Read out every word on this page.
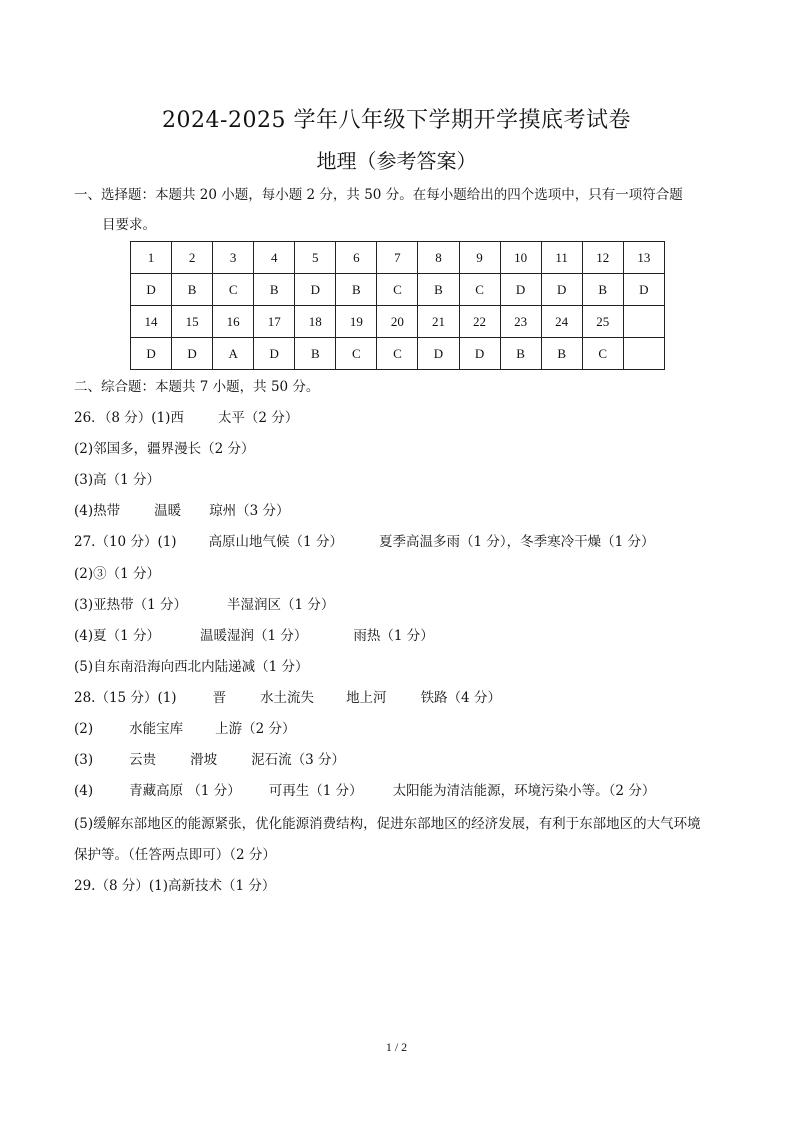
2024-2025 学年八年级下学期开学摸底考试卷
地理（参考答案）
一、选择题：本题共 20 小题，每小题 2 分，共 50 分。在每小题给出的四个选项中，只有一项符合题
目要求。
1	2	3	4	5	6	7	8	9	10	11	12	13
D	B	C	B	D	B	C	B	C	D	D	B	D
14	15	16	17	18	19	20	21	22	23	24	25	
D	D	A	D	B	C	C	D	D	B	B	C	
二、综合题：本题共 7 小题，共 50 分。
26．（8 分）(1)西	太平（2 分）
(2)邻国多，疆界漫长（2 分）
(3)高（1 分）
(4)热带	温暖 琼州（3 分）
27.（10 分）(1) 高原山地气候（1 分）	夏季高温多雨（1 分），冬季寒冷干燥（1 分）
(2)③（1 分）
(3)亚热带（1 分）	半湿润区（1 分）
(4)夏（1 分）	温暖湿润（1 分）	雨热（1 分）
(5)自东南沿海向西北内陆递减（1 分）
28.（15 分）(1)	晋	水土流失 地上河	铁路（4 分）
(2)	水能宝库 上游（2 分）
(3)	云贵	滑坡	泥石流（3 分）
(4)	青藏高原 （1 分） 可再生（1 分） 太阳能为清洁能源，环境污染小等。（2 分）
(5)缓解东部地区的能源紧张，优化能源消费结构，促进东部地区的经济发展，有利于东部地区的大气环境
保护等。（任答两点即可）（2 分）
29.（8 分）(1)高新技术（1 分）
1 / 2
